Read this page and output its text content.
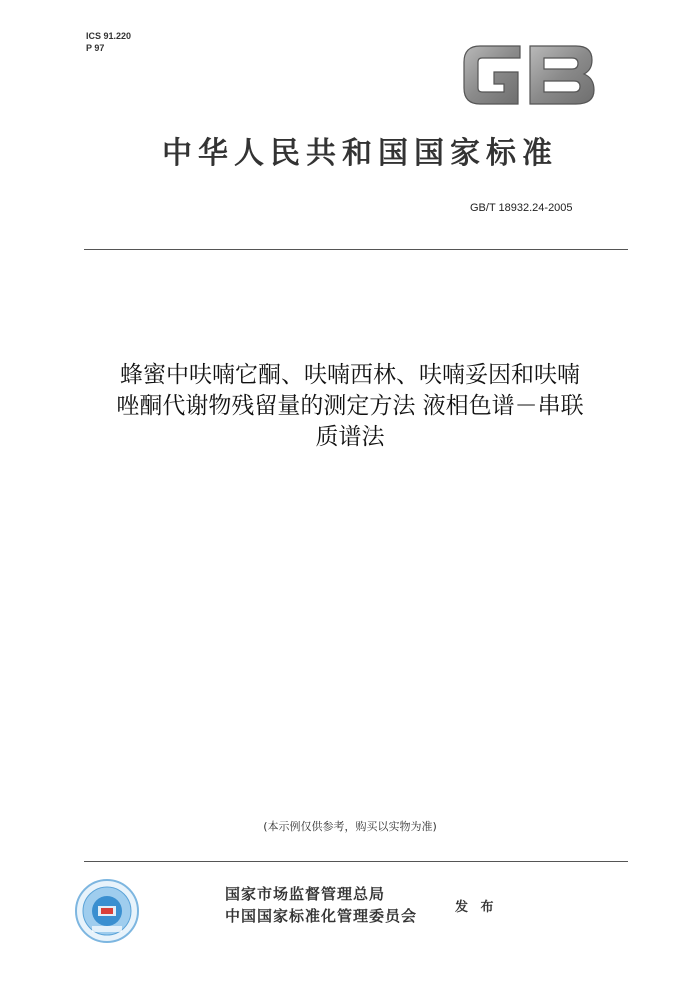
ICS 91.220
P 97
中华人民共和国国家标准
GB/T 18932.24-2005
蜂蜜中呋喃它酮、呋喃西林、呋喃妥因和呋喃
唑酮代谢物残留量的测定方法 液相色谱－串联
质谱法
(本示例仅供参考，购买以实物为准)
国家市场监督管理总局
中国国家标准化管理委员会	发 布
